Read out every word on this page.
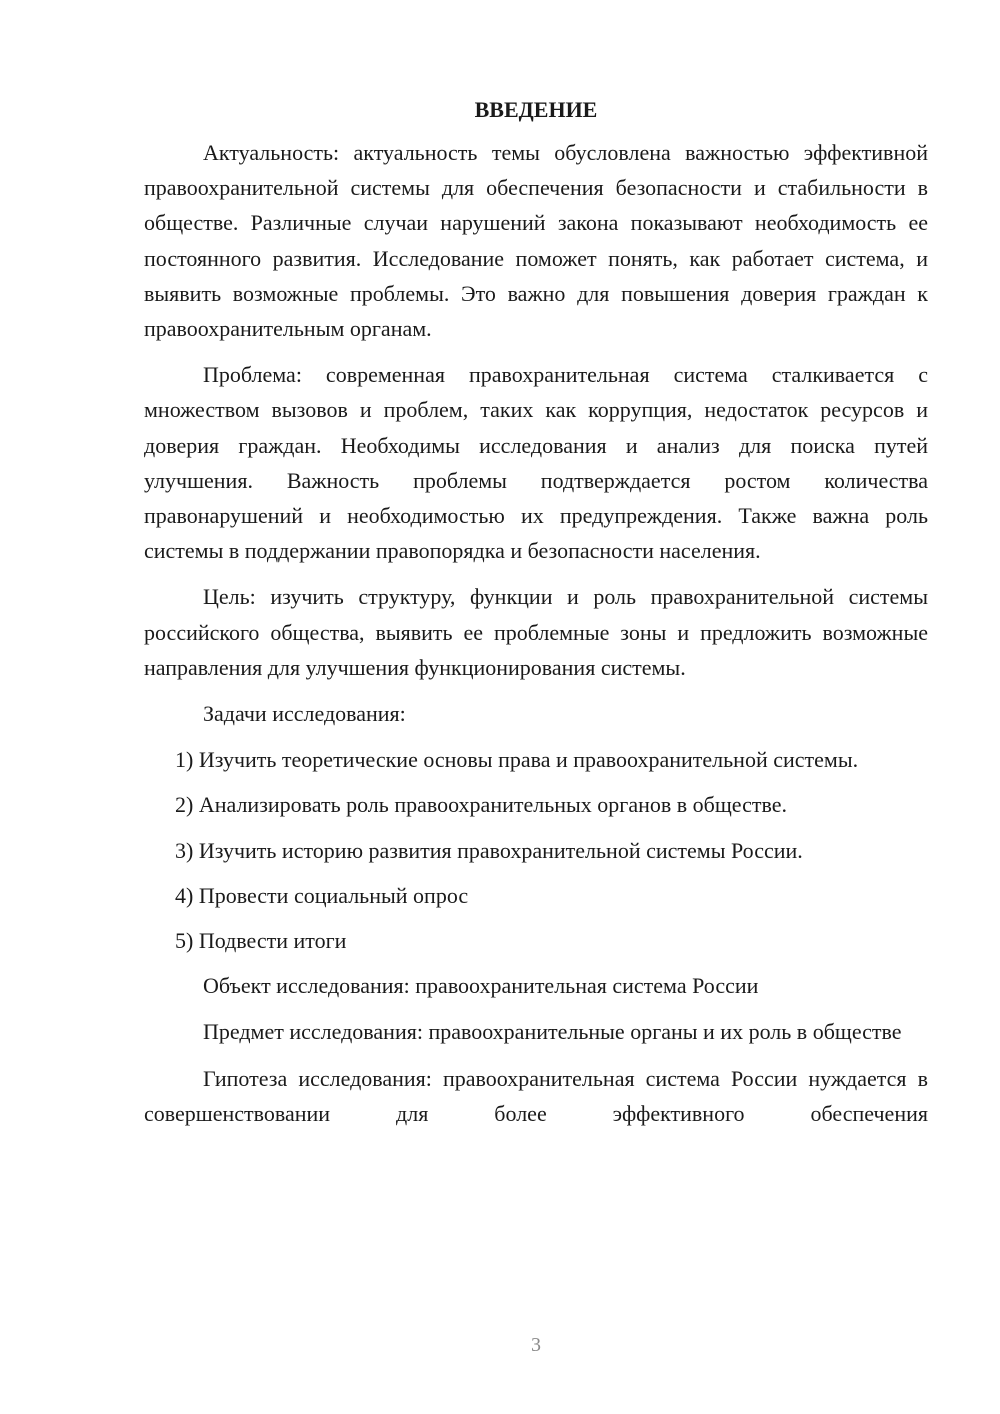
ВВЕДЕНИЕ

Актуальность: актуальность темы обусловлена важностью эффективной правоохранительной системы для обеспечения безопасности и стабильности в обществе. Различные случаи нарушений закона показывают необходимость ее постоянного развития. Исследование поможет понять, как работает система, и выявить возможные проблемы. Это важно для повышения доверия граждан к правоохранительным органам.

Проблема: современная правохранительная система сталкивается с множеством вызовов и проблем, таких как коррупция, недостаток ресурсов и доверия граждан. Необходимы исследования и анализ для поиска путей улучшения. Важность проблемы подтверждается ростом количества правонарушений и необходимостью их предупреждения. Также важна роль системы в поддержании правопорядка и безопасности населения.

Цель: изучить структуру, функции и роль правохранительной системы российского общества, выявить ее проблемные зоны и предложить возможные направления для улучшения функционирования системы.

Задачи исследования:

1) Изучить теоретические основы права и правоохранительной системы.

2) Анализировать роль правоохранительных органов в обществе.

3) Изучить историю развития правохранительной системы России.

4) Провести социальный опрос

5) Подвести итоги

Объект исследования: правоохранительная система России

Предмет исследования: правоохранительные органы и их роль в обществе

Гипотеза исследования: правоохранительная система России нуждается в совершенствовании для более эффективного обеспечения

3
